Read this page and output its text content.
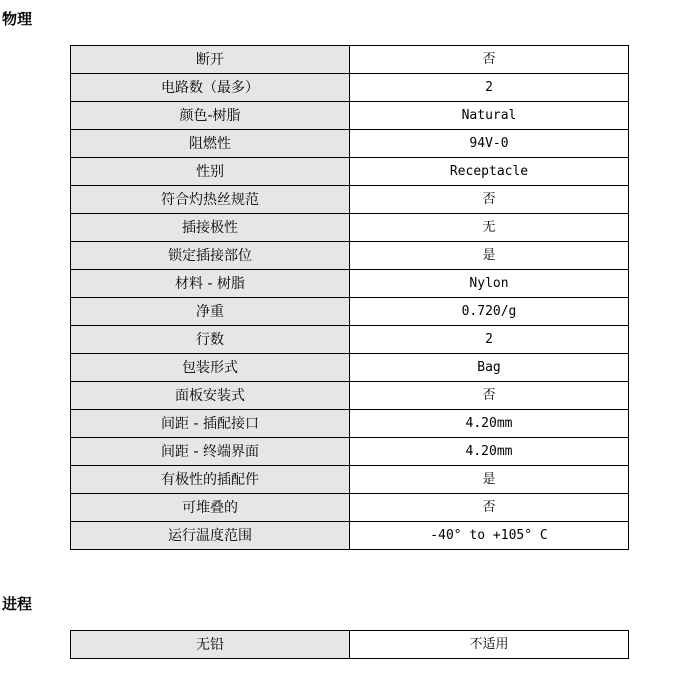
物理
断开	否
电路数（最多）	2
颜色-树脂	Natural
阻燃性	94V-0
性别	Receptacle
符合灼热丝规范	否
插接极性	无
锁定插接部位	是
材料 - 树脂	Nylon
净重	0.720/g
行数	2
包装形式	Bag
面板安装式	否
间距 - 插配接口	4.20mm
间距 - 终端界面	4.20mm
有极性的插配件	是
可堆叠的	否
运行温度范围	-40° to +105° C
进程
无铅	不适用
